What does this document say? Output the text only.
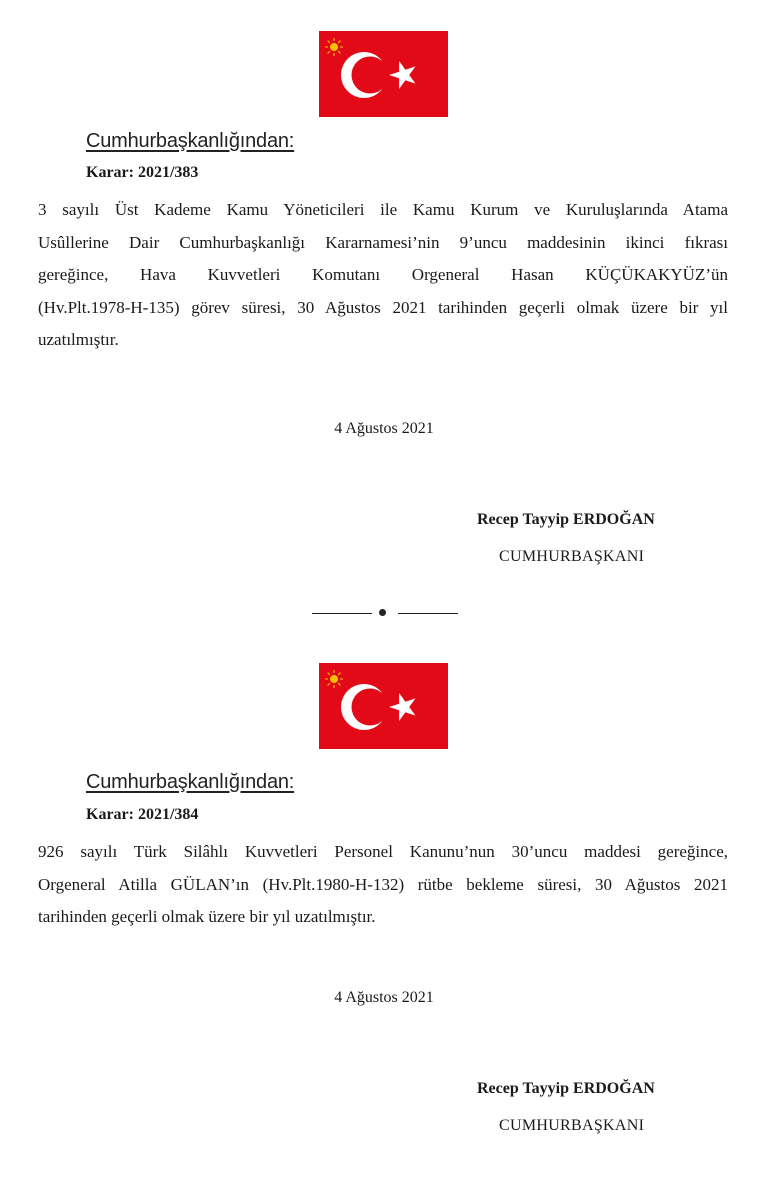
Cumhurbaşkanlığından:
Karar: 2021/383
3 sayılı Üst Kademe Kamu Yöneticileri ile Kamu Kurum ve Kuruluşlarında Atama
Usûllerine Dair Cumhurbaşkanlığı Kararnamesi’nin 9’uncu maddesinin ikinci fıkrası
gereğince, Hava Kuvvetleri Komutanı Orgeneral Hasan KÜÇÜKAKYÜZ’ün
(Hv.Plt.1978-H-135) görev süresi, 30 Ağustos 2021 tarihinden geçerli olmak üzere bir yıl
uzatılmıştır.
4 Ağustos 2021
Recep Tayyip ERDOĞAN
CUMHURBAŞKANI
Cumhurbaşkanlığından:
Karar: 2021/384
926 sayılı Türk Silâhlı Kuvvetleri Personel Kanunu’nun 30’uncu maddesi gereğince,
Orgeneral Atilla GÜLAN’ın (Hv.Plt.1980-H-132) rütbe bekleme süresi, 30 Ağustos 2021
tarihinden geçerli olmak üzere bir yıl uzatılmıştır.
4 Ağustos 2021
Recep Tayyip ERDOĞAN
CUMHURBAŞKANI
